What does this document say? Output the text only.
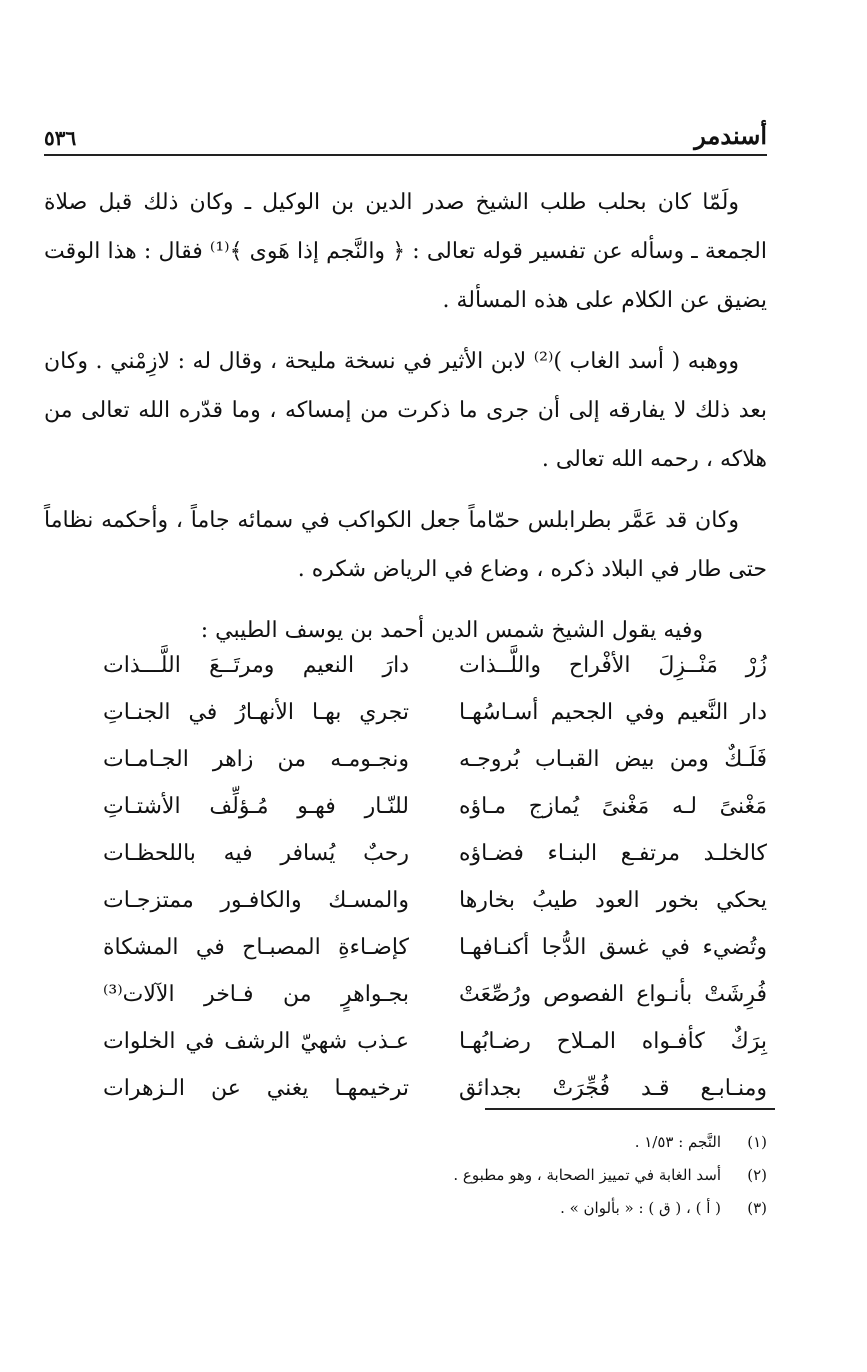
٥٣٦	أسندمر

ولَمّا كان بحلب طلب الشيخ صدر الدين بن الوكيل ـ وكان ذلك قبل صلاة الجمعة ـ وسأله عن تفسير قوله تعالى : ﴿ والنَّجم إذا هَوى ﴾⁽¹⁾ فقال : هذا الوقت يضيق عن الكلام على هذه المسألة .

ووهبه ( أسد الغاب )⁽²⁾ لابن الأثير في نسخة مليحة ، وقال له : لازِمْني . وكان بعد ذلك لا يفارقه إلى أن جرى ما ذكرت من إمساكه ، وما قدّره الله تعالى من هلاكه ، رحمه الله تعالى .

وكان قد عَمَّر بطرابلس حمّاماً جعل الكواكب في سمائه جاماً ، وأحكمه نظاماً حتى طار في البلاد ذكره ، وضاع في الرياض شكره .

وفيه يقول الشيخ شمس الدين أحمد بن يوسف الطيبي :

زُرْ مَنْــزِلَ الأفْراح واللَّــذات
دارَ النعيم ومرتَــعَ اللَّـــذات
دار النَّعيم وفي الجحيم أسـاسُهـا
تجري بهـا الأنهـارُ في الجنـاتِ
فَلَـكٌ ومن بيض القبـاب بُروجـه
ونجـومـه من زاهر الجـامـات
مَغْنىً لـه مَغْنىً يُمازج مـاؤه
للنّـار فهـو مُـؤلِّف الأشتـاتِ
كالخلـد مرتفـع البنـاء فضـاؤه
رحبٌ يُسافر فيه باللحظـات
يحكي بخور العود طيبُ بخارها
والمسـك والكافـور ممتزجـات
وتُضيء في غسق الدُّجا أكنـافهـا
كإضـاءةِ المصبـاح في المشكاة
فُرِشَتْ بأنـواع الفصوص ورُصِّعَتْ
بجـواهرٍ من فـاخر الآلات⁽³⁾
بِرَكٌ كأفـواه المـلاح رضـابُهـا
عـذب شهيّ الرشف في الخلوات
ومنـابـع قـد فُجِّرَتْ بجدائق
ترخيمهـا يغني عن الـزهرات
(١)
النَّجم : ١/٥٣ .
(٢)
أسد الغابة في تمييز الصحابة ، وهو مطبوع .
(٣)
( أ ) ، ( ق ) : « بألوان » .
